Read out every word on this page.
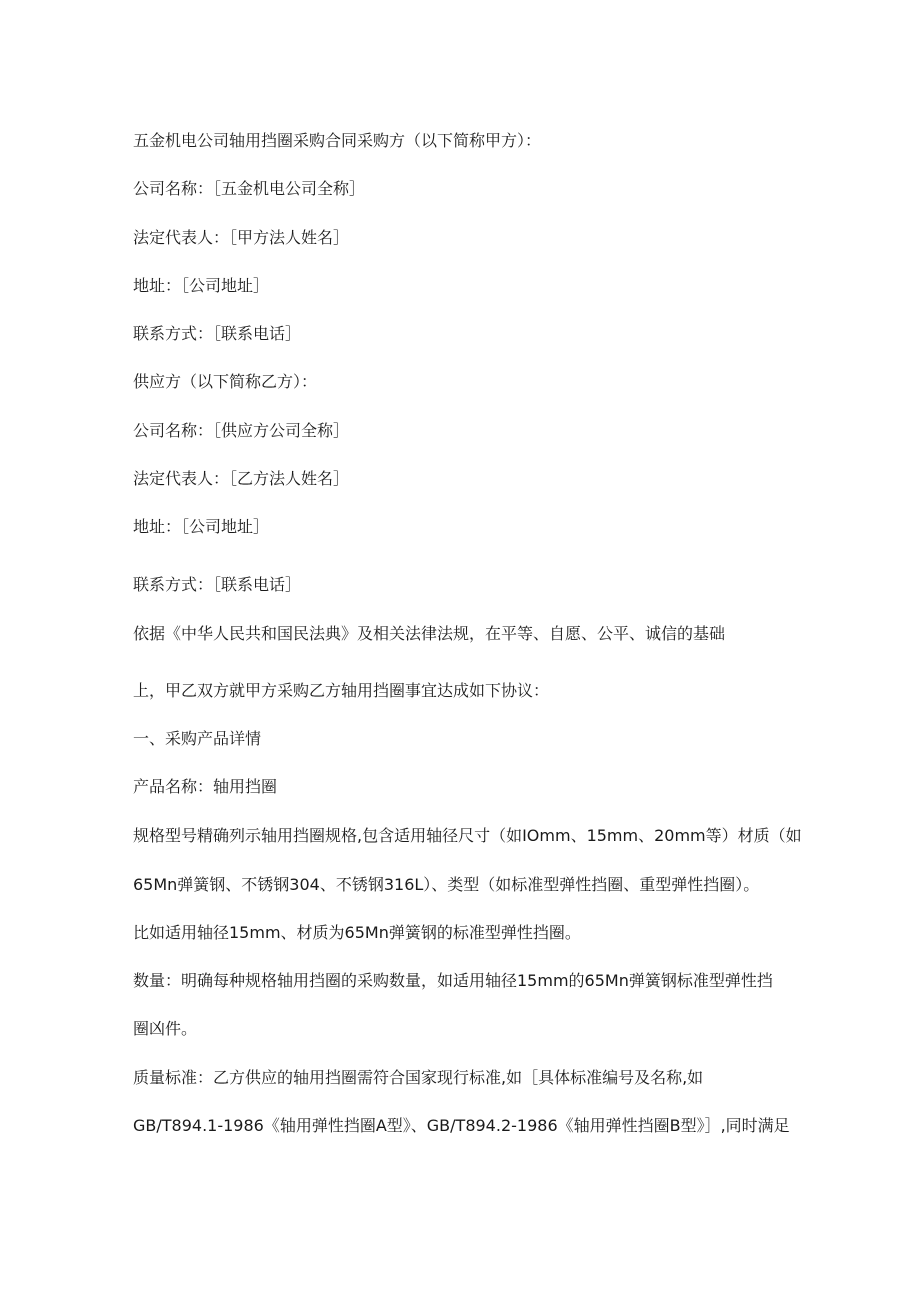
五金机电公司轴用挡圈采购合同采购方（以下简称甲方）：
公司名称：［五金机电公司全称］
法定代表人：［甲方法人姓名］
地址：［公司地址］
联系方式：［联系电话］
供应方（以下简称乙方）：
公司名称：［供应方公司全称］
法定代表人：［乙方法人姓名］
地址：［公司地址］
联系方式：［联系电话］
依据《中华人民共和国民法典》及相关法律法规，在平等、自愿、公平、诚信的基础
上，甲乙双方就甲方采购乙方轴用挡圈事宜达成如下协议：
一、采购产品详情
产品名称：轴用挡圈
规格型号精确列示轴用挡圈规格,包含适用轴径尺寸（如IOmm、15mm、20mm等）材质（如
65Mn弹簧钢、不锈钢304、不锈钢316L）、类型（如标准型弹性挡圈、重型弹性挡圈）。
比如适用轴径15mm、材质为65Mn弹簧钢的标准型弹性挡圈。
数量：明确每种规格轴用挡圈的采购数量，如适用轴径15mm的65Mn弹簧钢标准型弹性挡
圈凶件。
质量标准：乙方供应的轴用挡圈需符合国家现行标准,如［具体标准编号及名称,如
GB/T894.1-1986《轴用弹性挡圈A型》、GB/T894.2-1986《轴用弹性挡圈B型》］,同时满足
